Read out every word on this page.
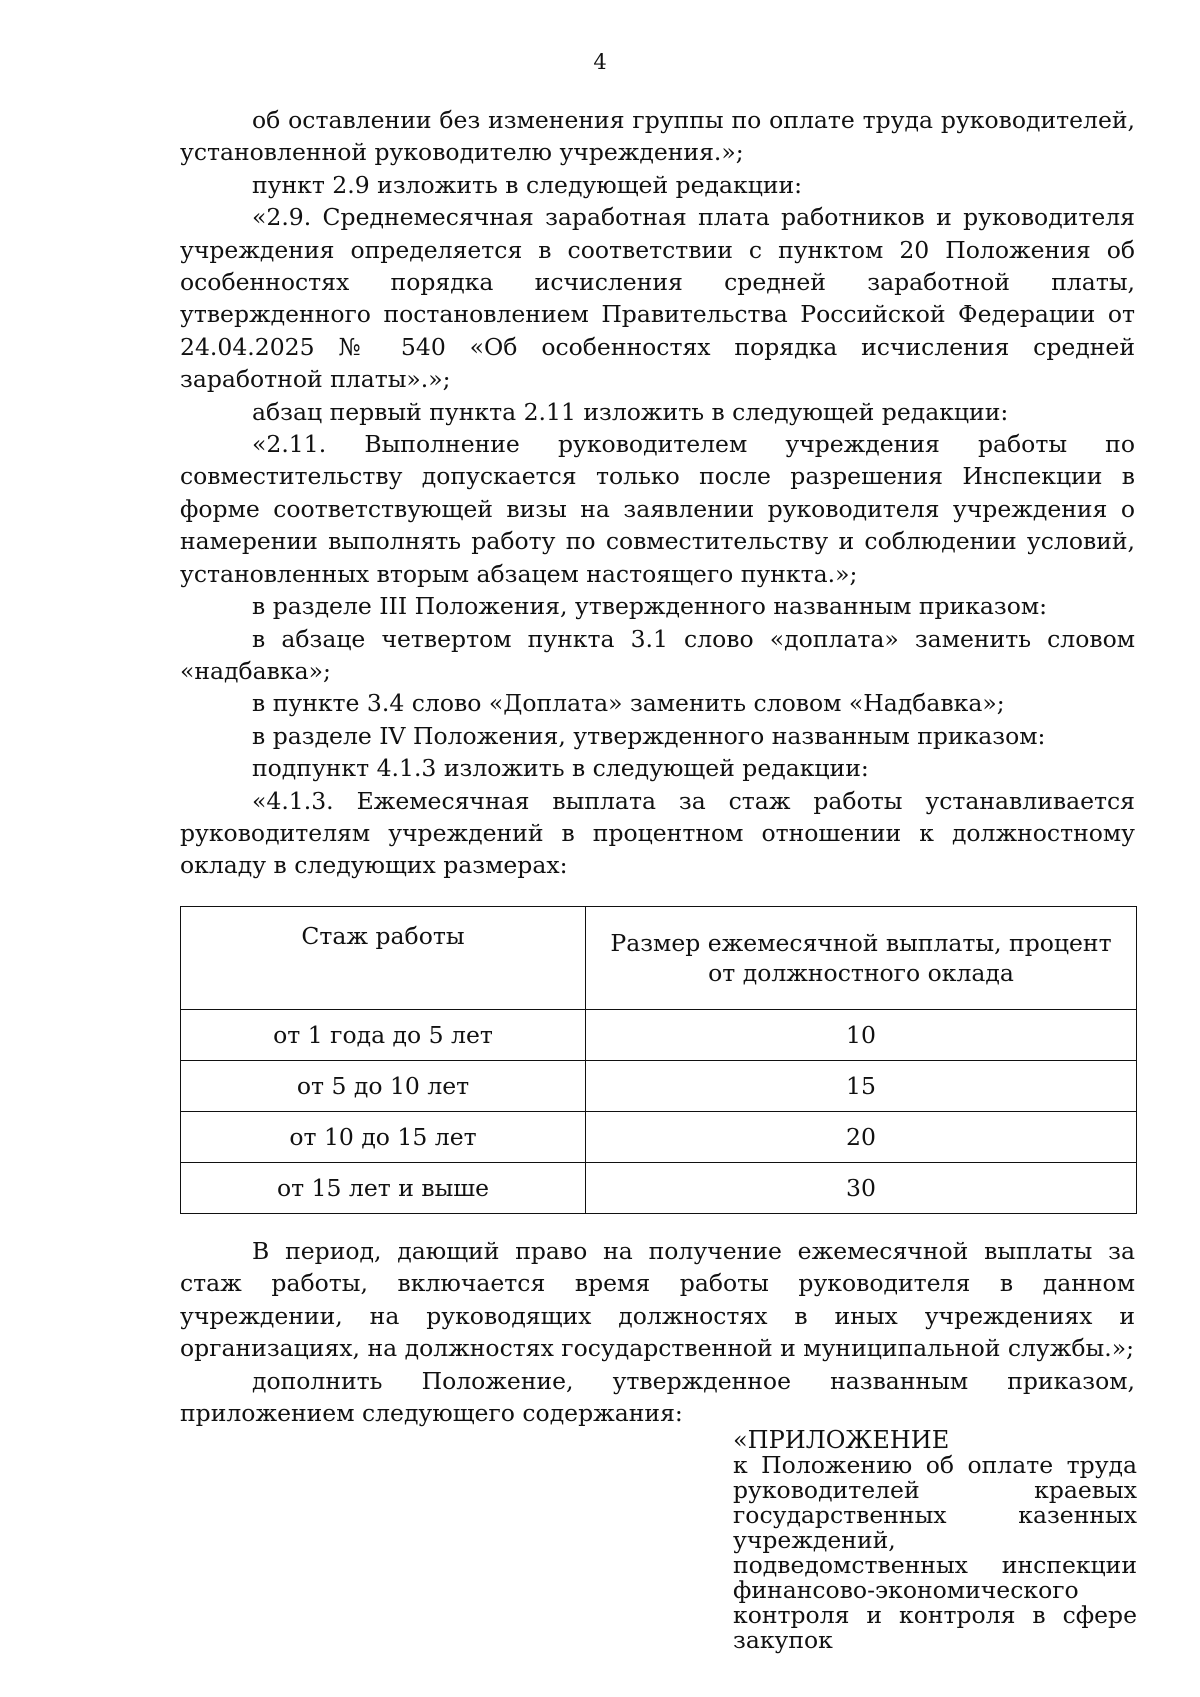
4

об оставлении без изменения группы по оплате труда руководителей, установленной руководителю учреждения.»;

пункт 2.9 изложить в следующей редакции:

«2.9. Среднемесячная заработная плата работников и руководителя учреждения определяется в соответствии с пунктом 20 Положения об особенностях порядка исчисления средней заработной платы, утвержденного постановлением Правительства Российской Федерации от 24.04.2025 № 540 «Об особенностях порядка исчисления средней заработной платы».»;

абзац первый пункта 2.11 изложить в следующей редакции:

«2.11. Выполнение руководителем учреждения работы по совместительству допускается только после разрешения Инспекции в форме соответствующей визы на заявлении руководителя учреждения о намерении выполнять работу по совместительству и соблюдении условий, установленных вторым абзацем настоящего пункта.»;

в разделе III Положения, утвержденного названным приказом:

в абзаце четвертом пункта 3.1 слово «доплата» заменить словом «надбавка»;

в пункте 3.4 слово «Доплата» заменить словом «Надбавка»;

в разделе IV Положения, утвержденного названным приказом:

подпункт 4.1.3 изложить в следующей редакции:

«4.1.3. Ежемесячная выплата за стаж работы устанавливается руководителям учреждений в процентном отношении к должностному окладу в следующих размерах:

Стаж работы	Размер ежемесячной выплаты, процент от должностного оклада
от 1 года до 5 лет	10
от 5 до 10 лет	15
от 10 до 15 лет	20
от 15 лет и выше	30

В период, дающий право на получение ежемесячной выплаты за стаж работы, включается время работы руководителя в данном учреждении, на руководящих должностях в иных учреждениях и организациях, на должностях государственной и муниципальной службы.»;

дополнить Положение, утвержденное названным приказом, приложением следующего содержания:

«ПРИЛОЖЕНИЕ
к Положению об оплате труда руководителей краевых государственных казенных учреждений, подведомственных инспекции финансово-экономического контроля и контроля в сфере закупок
